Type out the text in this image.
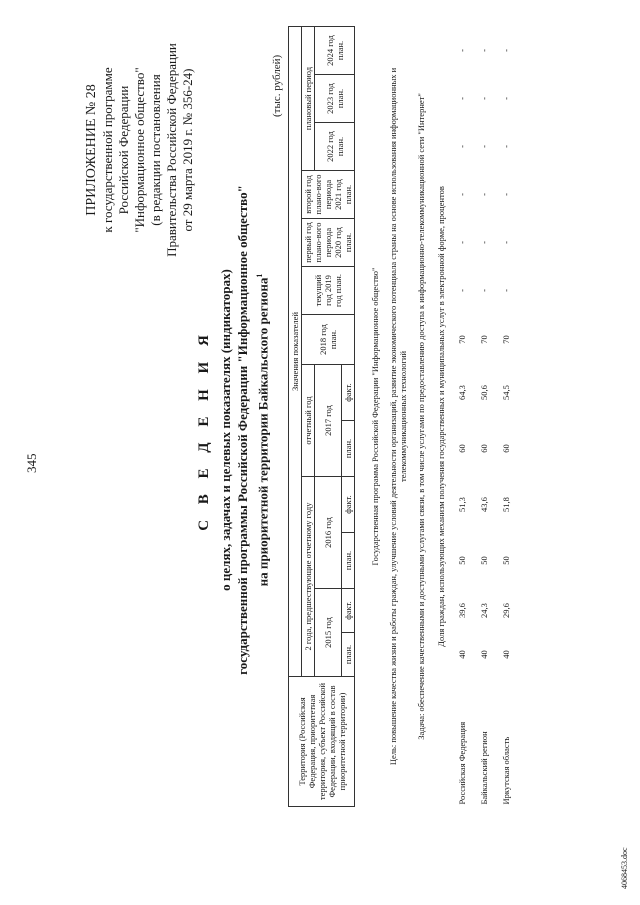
345
ПРИЛОЖЕНИЕ № 28 к государственной программе Российской Федерации "Информационное общество" (в редакции постановления Правительства Российской Федерации от 29 марта 2019 г. № 356-24)
С В Е Д Е Н И Я о целях, задачах и целевых показателях (индикаторах) государственной программы Российской Федерации "Информационное общество" на приоритетной территории Байкальского региона$^1$
(тыс. рублей)
Территория (Российская Федерация, приоритетная территория, субъект Российской Федерации, входящий в состав приоритетной территории)	Значения показателей												
	2 года, предшествующие отчетному году				отчетный год		2018 год план.	текущий год 2019 год план.	первый год плано-вого периода 2020 год план.	второй год плано-вого периода 2021 год план.	плановый период		
	2015 год		2016 год		2017 год						2022 год план.	2023 год план.	2024 год план.
	план.	факт.	план.	факт.	план.	факт.							
Государственная программа Российской Федерации "Информационное общество"													
Цель: повышение качества жизни и работы граждан, улучшение условий деятельности организаций, развитие экономического потенциала страны на основе использования информационных и телекоммуникационных технологий													
Задача: обеспечение качественными и доступными услугами связи, в том числе услугами по предоставлению доступа к информационно-телекоммуникационной сети "Интернет"													
Доля граждан, использующих механизм получения государственных и муниципальных услуг в электронной форме, процентов													
Российская Федерация	40	39,6	50	51,3	60	64,3	70	-	-	-	-	-	-
Байкальский регион	40	24,3	50	43,6	60	50,6	70	-	-	-	-	-	-
Иркутская область	40	29,6	50	51,8	60	54,5	70	-	-	-	-	-	-
4068453.doc
